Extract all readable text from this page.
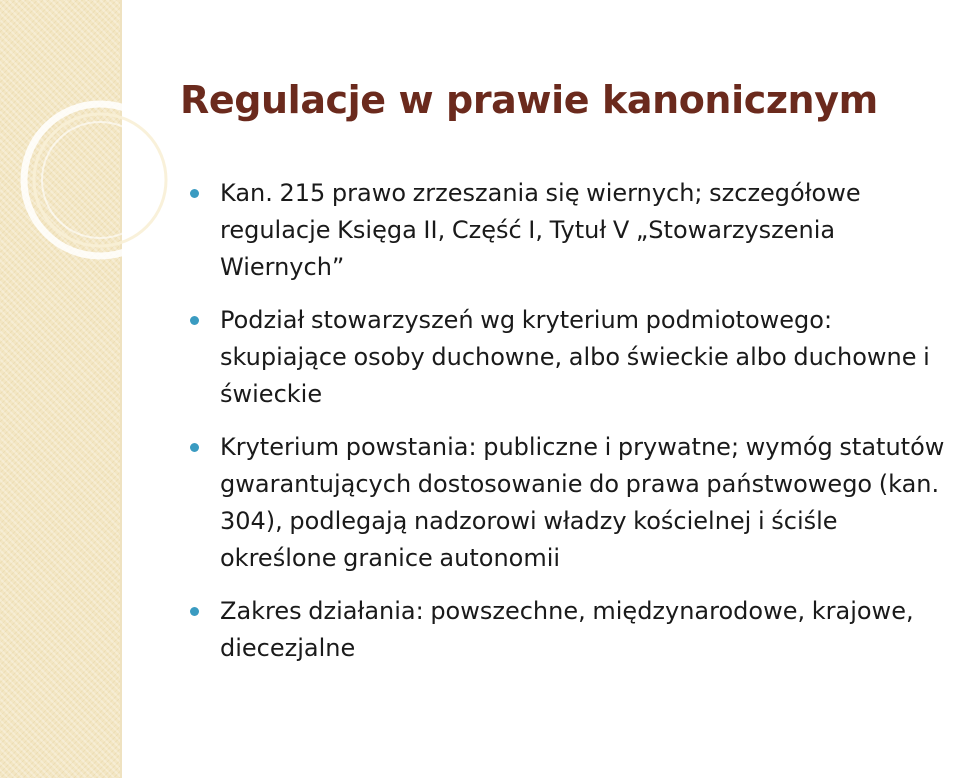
Regulacje w prawie kanonicznym
Kan. 215 prawo zrzeszania się wiernych; szczegółowe regulacje Księga II, Część I, Tytuł V „Stowarzyszenia Wiernych”
Podział stowarzyszeń wg kryterium podmiotowego: skupiające osoby duchowne, albo świeckie albo duchowne i świeckie
Kryterium powstania: publiczne i prywatne; wymóg statutów gwarantujących dostosowanie do prawa państwowego (kan. 304), podlegają nadzorowi władzy kościelnej i ściśle określone granice autonomii
Zakres działania: powszechne, międzynarodowe, krajowe, diecezjalne
